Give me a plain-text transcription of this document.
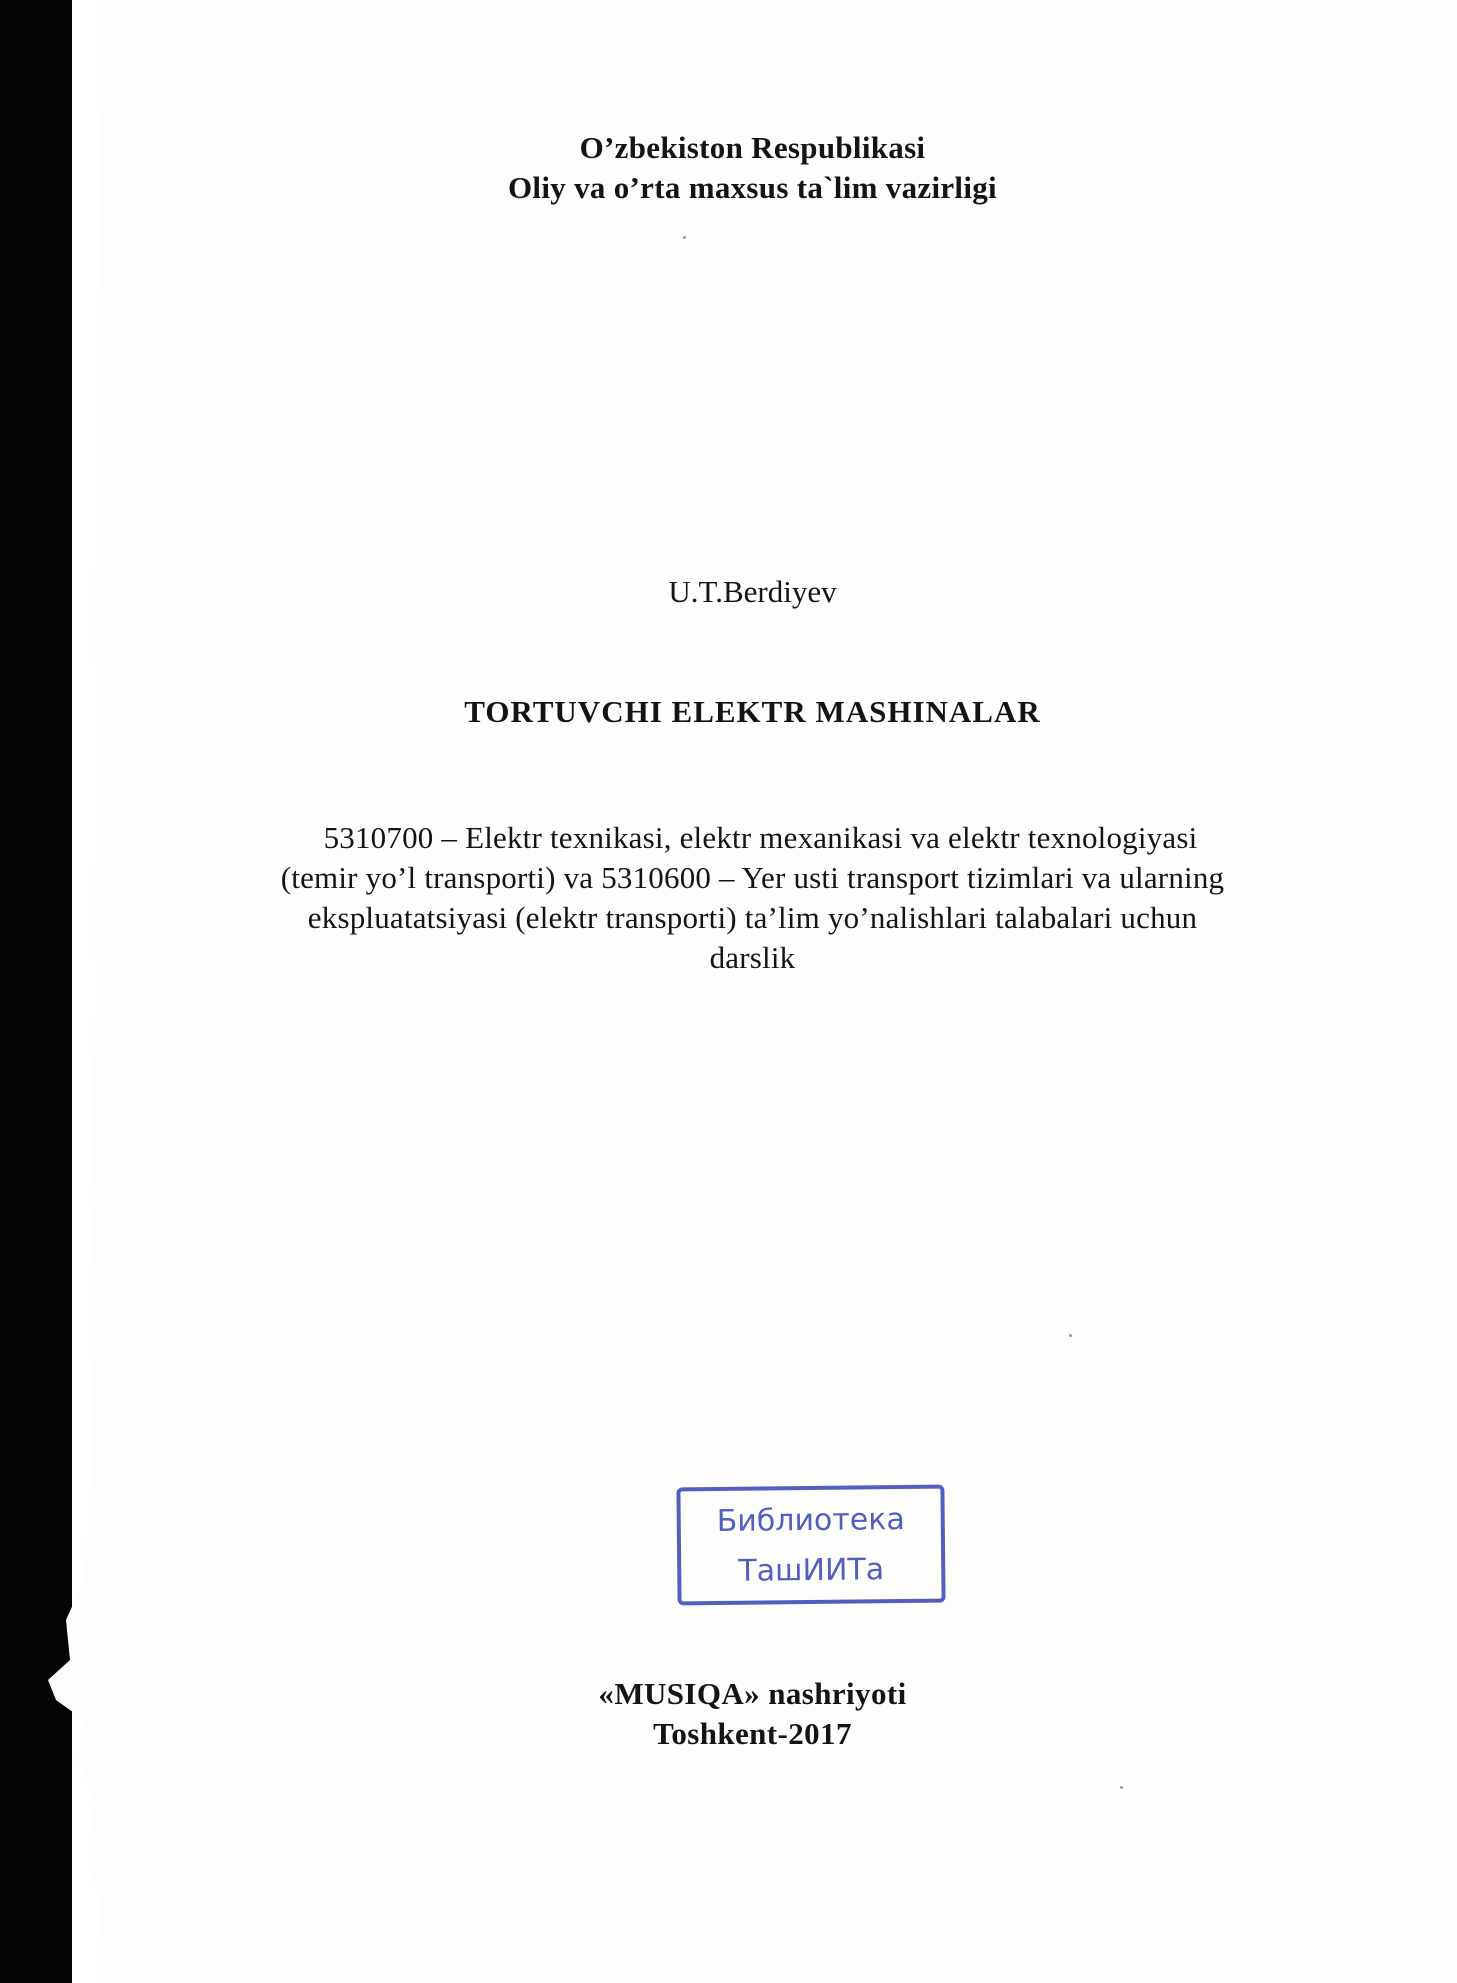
O’zbekiston Respublikasi
Oliy va o’rta maxsus ta`lim vazirligi
U.T.Berdiyev
TORTUVCHI ELEKTR MASHINALAR
5310700 – Elektr texnikasi, elektr mexanikasi va elektr texnologiyasi
(temir yo’l transporti) va 5310600 – Yer usti transport tizimlari va ularning
ekspluatatsiyasi (elektr transporti) ta’lim yo’nalishlari talabalari uchun
darslik
Библиотека
ТашИИТа
«MUSIQA» nashriyoti
Toshkent-2017
